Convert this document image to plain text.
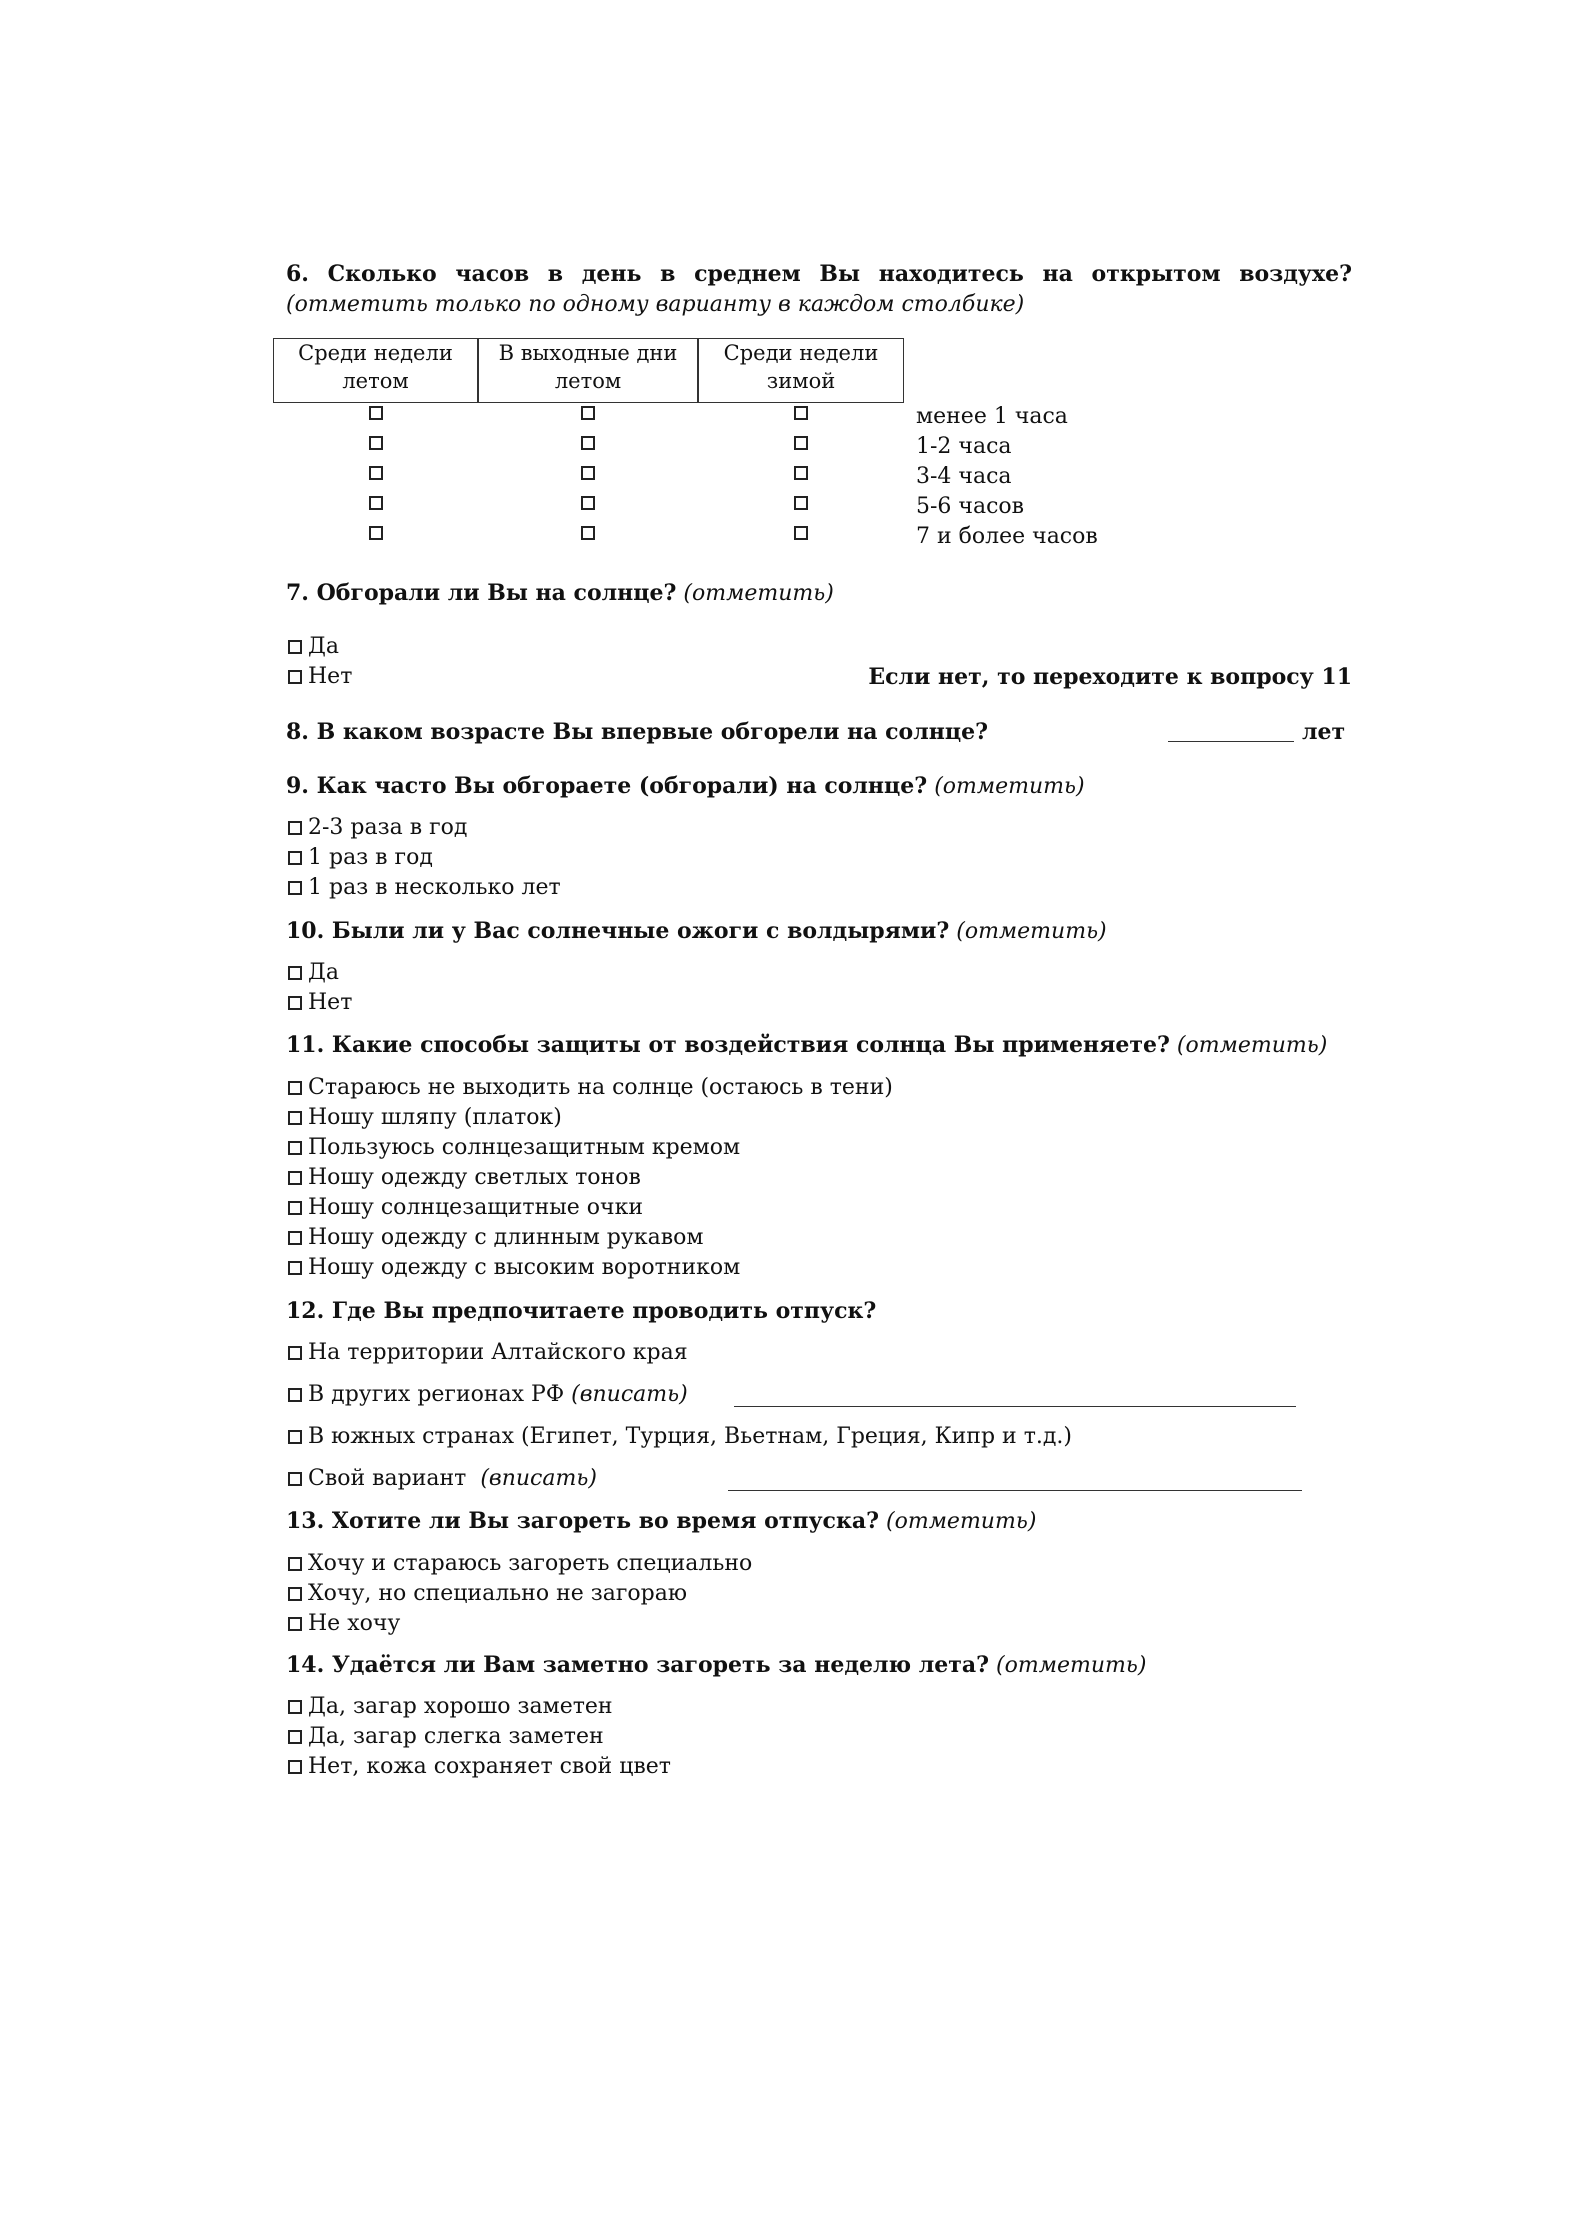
6. Сколько часов в день в среднем Вы находитесь на открытом воздухе?
(отметить только по одному варианту в каждом столбике)
Среди недели
летом
В выходные дни
летом
Среди недели
зимой
менее 1 часа
1-2 часа
3-4 часа
5-6 часов
7 и более часов
7. Обгорали ли Вы на солнце? (отметить)
Да
Нет	Если нет, то переходите к вопросу 11
8. В каком возрасте Вы впервые обгорели на солнце?	лет
9. Как часто Вы обгораете (обгорали) на солнце? (отметить)
2-3 раза в год
1 раз в год
1 раз в несколько лет
10. Были ли у Вас солнечные ожоги с волдырями? (отметить)
Да
Нет
11. Какие способы защиты от воздействия солнца Вы применяете? (отметить)
Стараюсь не выходить на солнце (остаюсь в тени)
Ношу шляпу (платок)
Пользуюсь солнцезащитным кремом
Ношу одежду светлых тонов
Ношу солнцезащитные очки
Ношу одежду с длинным рукавом
Ношу одежду с высоким воротником
12. Где Вы предпочитаете проводить отпуск?
На территории Алтайского края
В других регионах РФ (вписать)
В южных странах (Египет, Турция, Вьетнам, Греция, Кипр и т.д.)
Свой вариант (вписать)
13. Хотите ли Вы загореть во время отпуска? (отметить)
Хочу и стараюсь загореть специально
Хочу, но специально не загораю
Не хочу
14. Удаётся ли Вам заметно загореть за неделю лета? (отметить)
Да, загар хорошо заметен
Да, загар слегка заметен
Нет, кожа сохраняет свой цвет
